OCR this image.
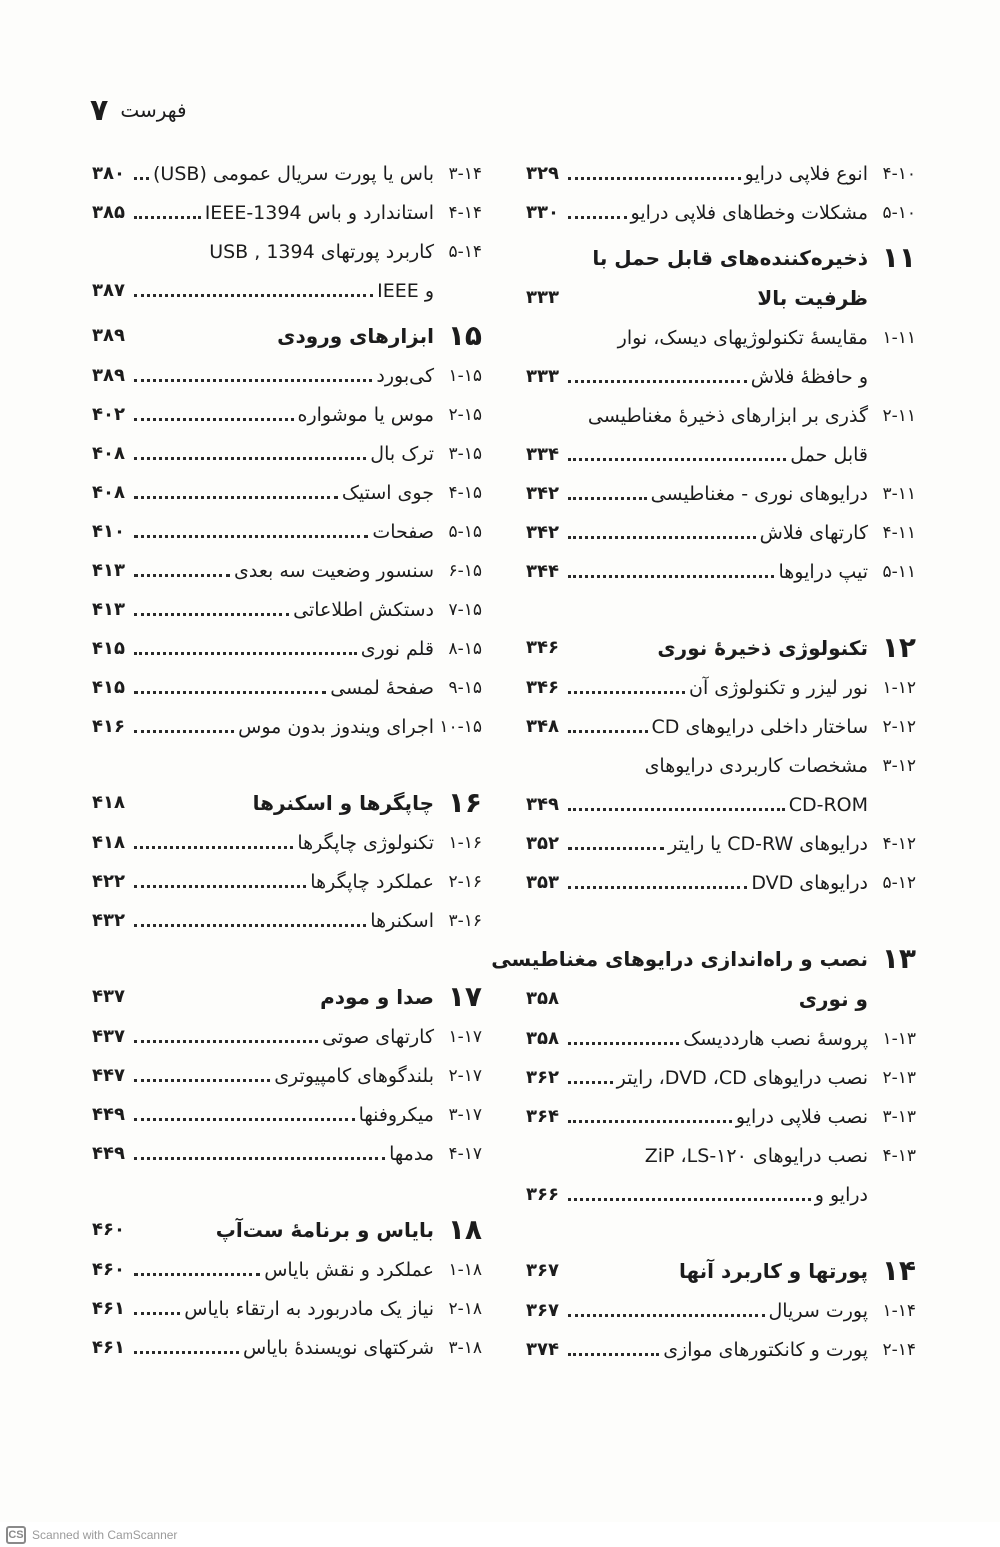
فهرست
۷
۴-۱۰
انوع فلاپی درایو
۳۲۹
۵-۱۰
مشکلات وخطاهای فلاپی درایو
۳۳۰
۱۱
ذخیره‌کننده‌های قابل حمل با
ظرفیت بالا
۳۳۳
۱-۱۱
مقایسهٔ تکنولوژیهای دیسک، نوار
و حافظهٔ فلاش
۳۳۳
۲-۱۱
گذری بر ابزارهای ذخیرهٔ مغناطیسی
قابل حمل
۳۳۴
۳-۱۱
درایوهای نوری - مغناطیسی
۳۴۲
۴-۱۱
کارتهای فلاش
۳۴۲
۵-۱۱
تیپ درایوها
۳۴۴
۱۲
تکنولوژی ذخیرهٔ نوری
۳۴۶
۱-۱۲
نور لیزر و تکنولوژی آن
۳۴۶
۲-۱۲
ساختار داخلی درایوهای CD
۳۴۸
۳-۱۲
مشخصات کاربردی درایوهای
CD-ROM
۳۴۹
۴-۱۲
درایوهای CD-RW یا رایتر
۳۵۲
۵-۱۲
درایوهای DVD
۳۵۳
۱۳
نصب و راه‌اندازی درایوهای مغناطیسی
و نوری
۳۵۸
۱-۱۳
پروسهٔ نصب هارددیسک
۳۵۸
۲-۱۳
نصب درایوهای DVD ،CD، رایتر
۳۶۲
۳-۱۳
نصب فلاپی درایو
۳۶۴
۴-۱۳
نصب درایوهای ۱۲۰-ZiP ،LS
درایو و
۳۶۶
۱۴
پورتها و کاربرد آنها
۳۶۷
۱-۱۴
پورت سریال
۳۶۷
۲-۱۴
پورت و کانکتورهای موازی
۳۷۴
۳-۱۴
باس یا پورت سریال عمومی (USB)
۳۸۰
۴-۱۴
استاندارد و باس IEEE-1394
۳۸۵
۵-۱۴
کاربرد پورتهای USB , 1394
و IEEE
۳۸۷
۱۵
ابزارهای ورودی
۳۸۹
۱-۱۵
کی‌بورد
۳۸۹
۲-۱۵
موس یا موشواره
۴۰۲
۳-۱۵
ترک بال
۴۰۸
۴-۱۵
جوی استیک
۴۰۸
۵-۱۵
صفحات
۴۱۰
۶-۱۵
سنسور وضعیت سه بعدی
۴۱۳
۷-۱۵
دستکش اطلاعاتی
۴۱۳
۸-۱۵
قلم نوری
۴۱۵
۹-۱۵
صفحهٔ لمسی
۴۱۵
۱۰-۱۵
اجرای ویندوز بدون موس
۴۱۶
۱۶
چاپگرها و اسکنرها
۴۱۸
۱-۱۶
تکنولوژی چاپگرها
۴۱۸
۲-۱۶
عملکرد چاپگرها
۴۲۲
۳-۱۶
اسکنرها
۴۳۲
۱۷
صدا و مودم
۴۳۷
۱-۱۷
کارتهای صوتی
۴۳۷
۲-۱۷
بلندگوهای کامپیوتری
۴۴۷
۳-۱۷
میکروفنها
۴۴۹
۴-۱۷
مدمها
۴۴۹
۱۸
بایاس و برنامهٔ ست‌آپ
۴۶۰
۱-۱۸
عملکرد و نقش بایاس
۴۶۰
۲-۱۸
نیاز یک مادربورد به ارتقاء بایاس
۴۶۱
۳-۱۸
شرکتهای نویسندهٔ بایاس
۴۶۱
CS Scanned with CamScanner
